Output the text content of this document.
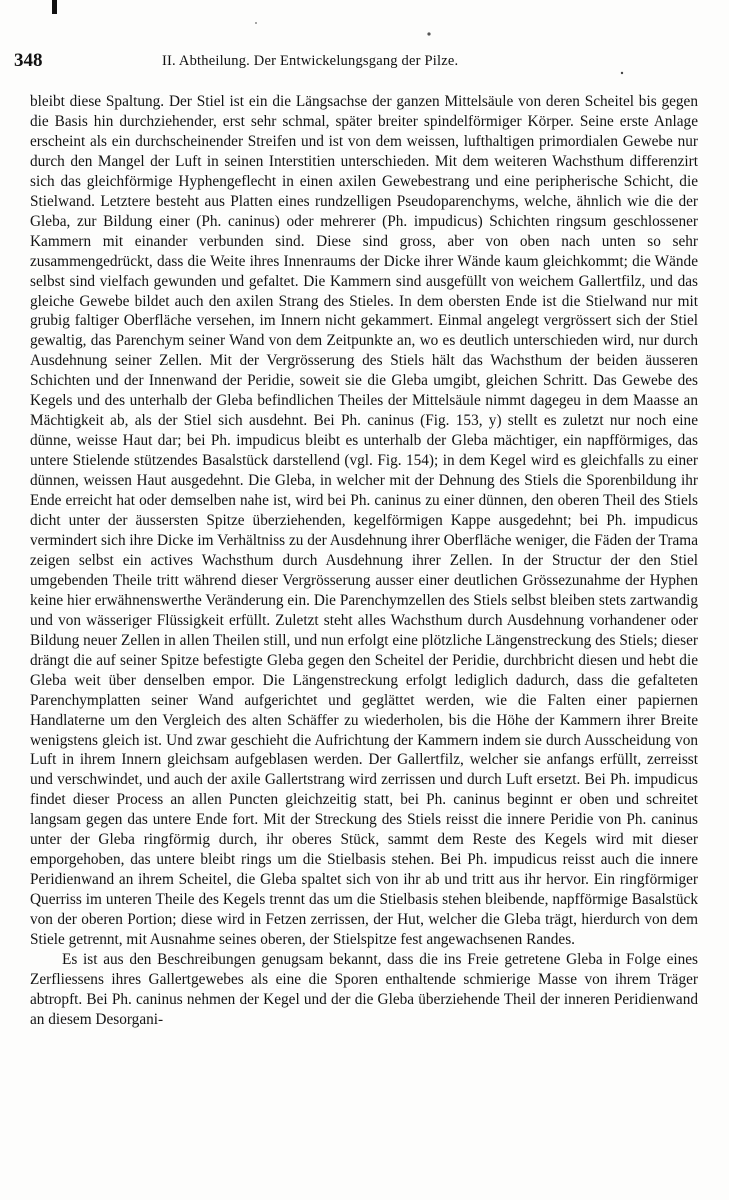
348	II. Abtheilung. Der Entwickelungsgang der Pilze.

bleibt diese Spaltung. Der Stiel ist ein die Längsachse der ganzen Mittelsäule von deren Scheitel bis gegen die Basis hin durchziehender, erst sehr schmal, später breiter spindelförmiger Körper. Seine erste Anlage erscheint als ein durchscheinender Streifen und ist von dem weissen, lufthaltigen primordialen Gewebe nur durch den Mangel der Luft in seinen Interstitien unterschieden. Mit dem weiteren Wachsthum differenzirt sich das gleichförmige Hyphengeflecht in einen axilen Gewebestrang und eine peripherische Schicht, die Stielwand. Letztere besteht aus Platten eines rundzelligen Pseudoparenchyms, welche, ähnlich wie die der Gleba, zur Bildung einer (Ph. caninus) oder mehrerer (Ph. impudicus) Schichten ringsum geschlossener Kammern mit einander verbunden sind. Diese sind gross, aber von oben nach unten so sehr zusammengedrückt, dass die Weite ihres Innenraums der Dicke ihrer Wände kaum gleichkommt; die Wände selbst sind vielfach gewunden und gefaltet. Die Kammern sind ausgefüllt von weichem Gallertfilz, und das gleiche Gewebe bildet auch den axilen Strang des Stieles. In dem obersten Ende ist die Stielwand nur mit grubig faltiger Oberfläche versehen, im Innern nicht gekammert. Einmal angelegt vergrössert sich der Stiel gewaltig, das Parenchym seiner Wand von dem Zeitpunkte an, wo es deutlich unterschieden wird, nur durch Ausdehnung seiner Zellen. Mit der Vergrösserung des Stiels hält das Wachsthum der beiden äusseren Schichten und der Innenwand der Peridie, soweit sie die Gleba umgibt, gleichen Schritt. Das Gewebe des Kegels und des unterhalb der Gleba befindlichen Theiles der Mittelsäule nimmt dagegeu in dem Maasse an Mächtigkeit ab, als der Stiel sich ausdehnt. Bei Ph. caninus (Fig. 153, y) stellt es zuletzt nur noch eine dünne, weisse Haut dar; bei Ph. impudicus bleibt es unterhalb der Gleba mächtiger, ein napfförmiges, das untere Stielende stützendes Basalstück darstellend (vgl. Fig. 154); in dem Kegel wird es gleichfalls zu einer dünnen, weissen Haut ausgedehnt. Die Gleba, in welcher mit der Dehnung des Stiels die Sporenbildung ihr Ende erreicht hat oder demselben nahe ist, wird bei Ph. caninus zu einer dünnen, den oberen Theil des Stiels dicht unter der äussersten Spitze überziehenden, kegelförmigen Kappe ausgedehnt; bei Ph. impudicus vermindert sich ihre Dicke im Verhältniss zu der Ausdehnung ihrer Oberfläche weniger, die Fäden der Trama zeigen selbst ein actives Wachsthum durch Ausdehnung ihrer Zellen. In der Structur der den Stiel umgebenden Theile tritt während dieser Vergrösserung ausser einer deutlichen Grössezunahme der Hyphen keine hier erwähnenswerthe Veränderung ein. Die Parenchymzellen des Stiels selbst bleiben stets zartwandig und von wässeriger Flüssigkeit erfüllt. Zuletzt steht alles Wachsthum durch Ausdehnung vorhandener oder Bildung neuer Zellen in allen Theilen still, und nun erfolgt eine plötzliche Längenstreckung des Stiels; dieser drängt die auf seiner Spitze befestigte Gleba gegen den Scheitel der Peridie, durchbricht diesen und hebt die Gleba weit über denselben empor. Die Längenstreckung erfolgt lediglich dadurch, dass die gefalteten Parenchymplatten seiner Wand aufgerichtet und geglättet werden, wie die Falten einer papiernen Handlaterne um den Vergleich des alten Schäffer zu wiederholen, bis die Höhe der Kammern ihrer Breite wenigstens gleich ist. Und zwar geschieht die Aufrichtung der Kammern indem sie durch Ausscheidung von Luft in ihrem Innern gleichsam aufgeblasen werden. Der Gallertfilz, welcher sie anfangs erfüllt, zerreisst und verschwindet, und auch der axile Gallertstrang wird zerrissen und durch Luft ersetzt. Bei Ph. impudicus findet dieser Process an allen Puncten gleichzeitig statt, bei Ph. caninus beginnt er oben und schreitet langsam gegen das untere Ende fort. Mit der Streckung des Stiels reisst die innere Peridie von Ph. caninus unter der Gleba ringförmig durch, ihr oberes Stück, sammt dem Reste des Kegels wird mit dieser emporgehoben, das untere bleibt rings um die Stielbasis stehen. Bei Ph. impudicus reisst auch die innere Peridienwand an ihrem Scheitel, die Gleba spaltet sich von ihr ab und tritt aus ihr hervor. Ein ringförmiger Querriss im unteren Theile des Kegels trennt das um die Stielbasis stehen bleibende, napfförmige Basalstück von der oberen Portion; diese wird in Fetzen zerrissen, der Hut, welcher die Gleba trägt, hierdurch von dem Stiele getrennt, mit Ausnahme seines oberen, der Stielspitze fest angewachsenen Randes.

Es ist aus den Beschreibungen genugsam bekannt, dass die ins Freie getretene Gleba in Folge eines Zerfliessens ihres Gallertgewebes als eine die Sporen enthaltende schmierige Masse von ihrem Träger abtropft. Bei Ph. caninus nehmen der Kegel und der die Gleba überziehende Theil der inneren Peridienwand an diesem Desorgani-
